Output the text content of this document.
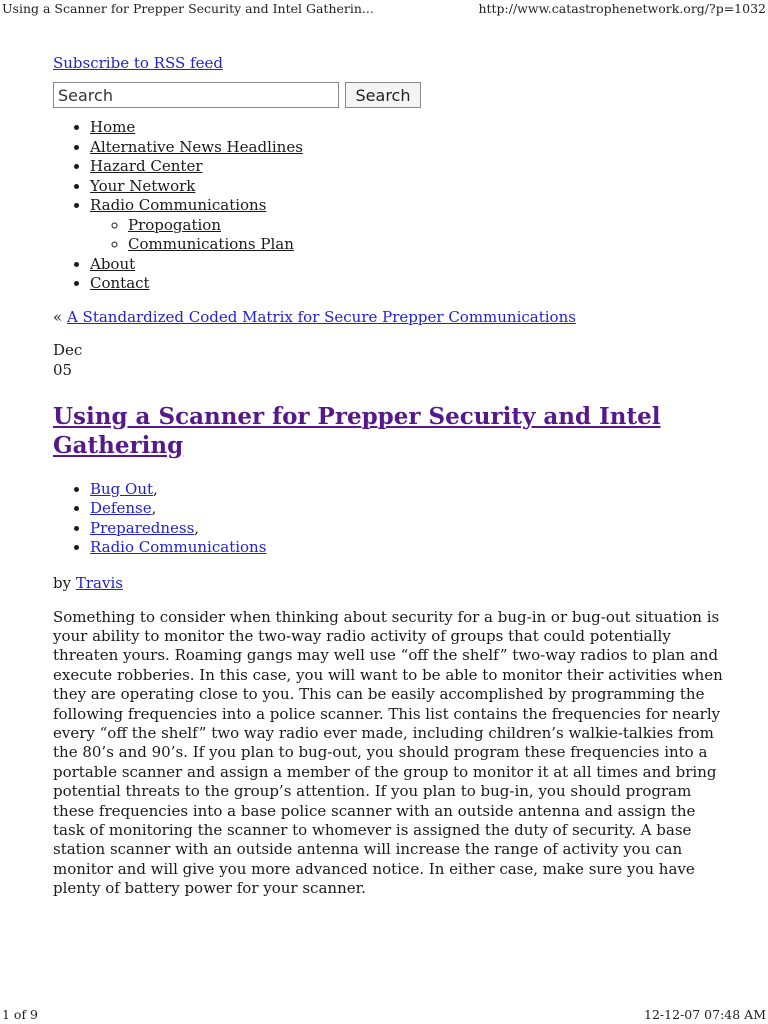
Using a Scanner for Prepper Security and Intel Gatherin...	http://www.catastrophenetwork.org/?p=1032
Subscribe to RSS feed
Search
Search
• Home
• Alternative News Headlines
• Hazard Center
• Your Network
• Radio Communications
◦ Propogation
◦ Communications Plan
• About
• Contact
« A Standardized Coded Matrix for Secure Prepper Communications
Dec
05
Using a Scanner for Prepper Security and Intel Gathering
• Bug Out,
• Defense,
• Preparedness,
• Radio Communications
by Travis

Something to consider when thinking about security for a bug-in or bug-out situation is your ability to monitor the two-way radio activity of groups that could potentially threaten yours. Roaming gangs may well use “off the shelf” two-way radios to plan and execute robberies. In this case, you will want to be able to monitor their activities when they are operating close to you. This can be easily accomplished by programming the following frequencies into a police scanner. This list contains the frequencies for nearly every “off the shelf” two way radio ever made, including children’s walkie-talkies from the 80’s and 90’s. If you plan to bug-out, you should program these frequencies into a portable scanner and assign a member of the group to monitor it at all times and bring potential threats to the group’s attention. If you plan to bug-in, you should program these frequencies into a base police scanner with an outside antenna and assign the task of monitoring the scanner to whomever is assigned the duty of security. A base station scanner with an outside antenna will increase the range of activity you can monitor and will give you more advanced notice. In either case, make sure you have plenty of battery power for your scanner.

1 of 9	12-12-07 07:48 AM
